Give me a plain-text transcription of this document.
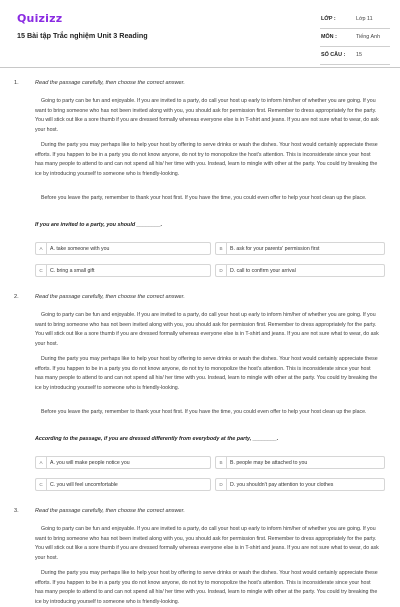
Quizizz
15 Bài tập Trắc nghiệm Unit 3 Reading
LỚP :	Lớp 11
MÔN :	Tiếng Anh
SỐ CÂU : 15
1.	Read the passage carefully, then choose the correct answer.

Going to party can be fun and enjoyable. If you are invited to a party, do call your host up early to inform him/her of whether you are going. If you want to bring someone who has not been invited along with you, you should ask for permission first. Remember to dress appropriately for the party. You will stick out like a sore thumb if you are dressed formally whereas everyone else is in T-shirt and jeans. If you are not sure what to wear, do ask your host.

During the party you may perhaps like to help your host by offering to serve drinks or wash the dishes. Your host would certainly appreciate these efforts. If you happen to be in a party you do not know anyone, do not try to monopolize the host's attention. This is inconsiderate since your host has many people to attend to and can not spend all his/ her time with you. Instead, learn to mingle with other at the party. You could try breaking the ice by introducing yourself to someone who is friendly-looking.

Before you leave the party, remember to thank your host first. If you have the time, you could even offer to help your host clean up the place.

If you are invited to a party, you should ________.
A	A. take someone with you	B	B. ask for your parents' permission first
C	C. bring a small gift	D	D. call to confirm your arrival
2.	Read the passage carefully, then choose the correct answer.

Going to party can be fun and enjoyable. If you are invited to a party, do call your host up early to inform him/her of whether you are going. If you want to bring someone who has not been invited along with you, you should ask for permission first. Remember to dress appropriately for the party. You will stick out like a sore thumb if you are dressed formally whereas everyone else is in T-shirt and jeans. If you are not sure what to wear, do ask your host.

During the party you may perhaps like to help your host by offering to serve drinks or wash the dishes. Your host would certainly appreciate these efforts. If you happen to be in a party you do not know anyone, do not try to monopolize the host's attention. This is inconsiderate since your host has many people to attend to and can not spend all his/ her time with you. Instead, learn to mingle with other at the party. You could try breaking the ice by introducing yourself to someone who is friendly-looking.

Before you leave the party, remember to thank your host first. If you have the time, you could even offer to help your host clean up the place.

According to the passage, if you are dressed differently from everybody at the party, ________.
A	A. you will make people notice you	B	B. people may be attached to you
C	C. you will feel uncomfortable	D	D. you shouldn't pay attention to your clothes
3.	Read the passage carefully, then choose the correct answer.

Going to party can be fun and enjoyable. If you are invited to a party, do call your host up early to inform him/her of whether you are going. If you want to bring someone who has not been invited along with you, you should ask for permission first. Remember to dress appropriately for the party. You will stick out like a sore thumb if you are dressed formally whereas everyone else is in T-shirt and jeans. If you are not sure what to wear, do ask your host.

During the party you may perhaps like to help your host by offering to serve drinks or wash the dishes. Your host would certainly appreciate these efforts. If you happen to be in a party you do not know anyone, do not try to monopolize the host's attention. This is inconsiderate since your host has many people to attend to and can not spend all his/ her time with you. Instead, learn to mingle with other at the party. You could try breaking the ice by introducing yourself to someone who is friendly-looking.
